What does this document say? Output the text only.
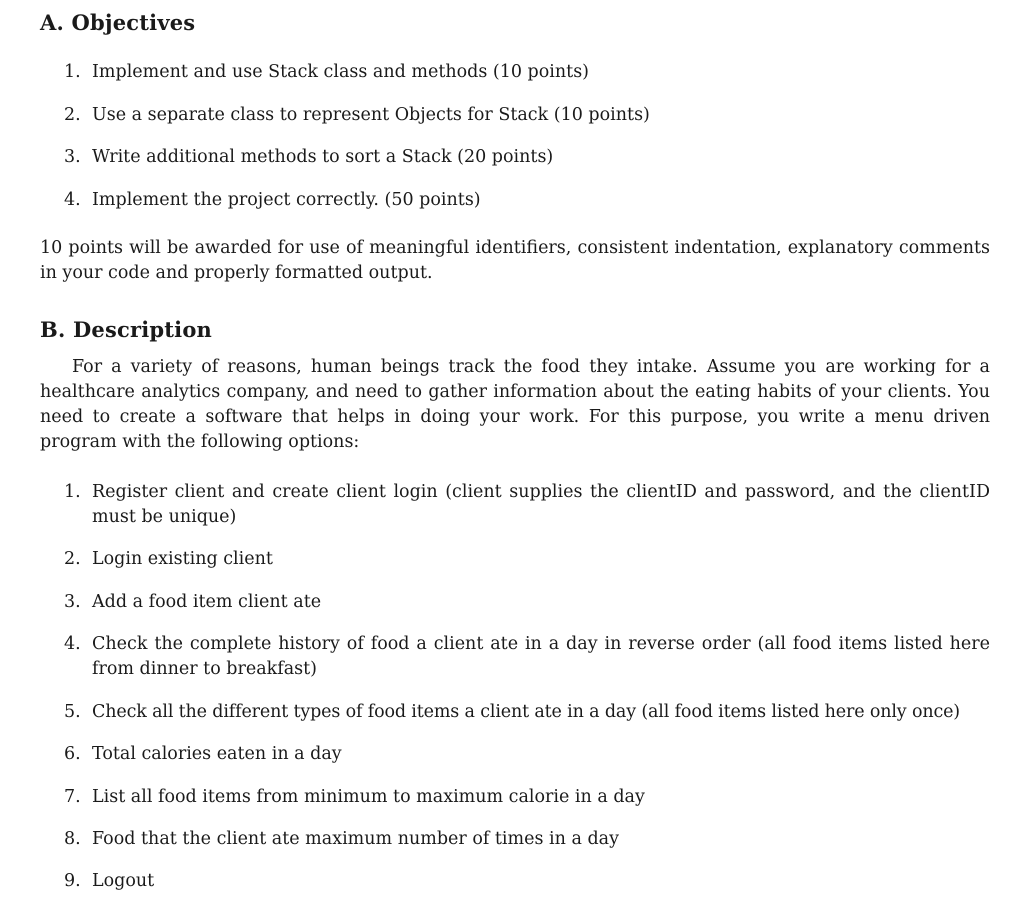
A. Objectives
1. Implement and use Stack class and methods (10 points)
2. Use a separate class to represent Objects for Stack (10 points)
3. Write additional methods to sort a Stack (20 points)
4. Implement the project correctly. (50 points)
10 points will be awarded for use of meaningful identifiers, consistent indentation, explanatory comments in your code and properly formatted output.
B. Description
For a variety of reasons, human beings track the food they intake. Assume you are working for a healthcare analytics company, and need to gather information about the eating habits of your clients. You need to create a software that helps in doing your work. For this purpose, you write a menu driven program with the following options:
1. Register client and create client login (client supplies the clientID and password, and the clientID must be unique)
2. Login existing client
3. Add a food item client ate
4. Check the complete history of food a client ate in a day in reverse order (all food items listed here from dinner to breakfast)
5. Check all the different types of food items a client ate in a day (all food items listed here only once)
6. Total calories eaten in a day
7. List all food items from minimum to maximum calorie in a day
8. Food that the client ate maximum number of times in a day
9. Logout
